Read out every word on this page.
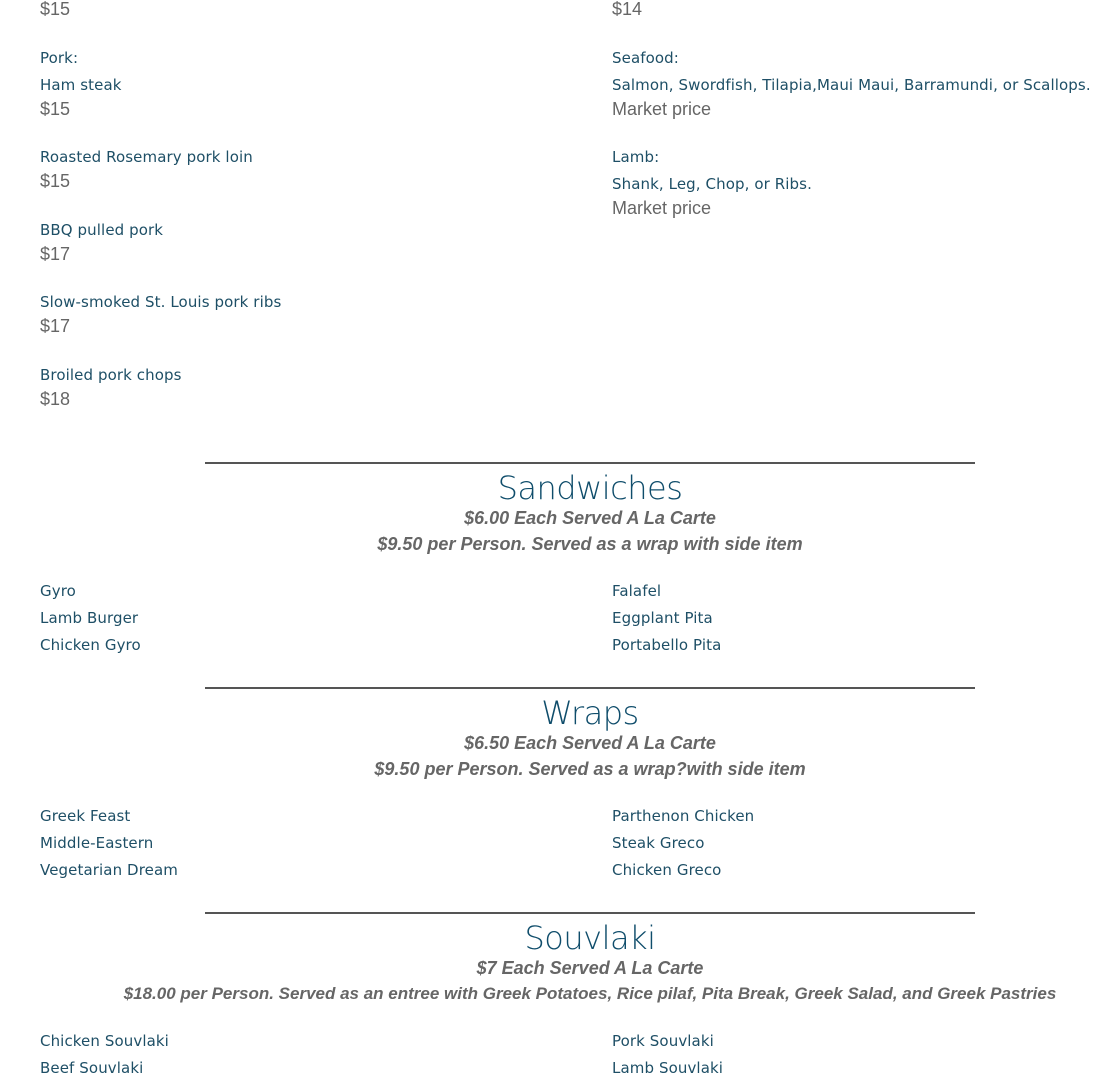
$15
Pork:
Ham steak
$15
Roasted Rosemary pork loin
$15
BBQ pulled pork
$17
Slow-smoked St. Louis pork ribs
$17
Broiled pork chops
$18
$14
Seafood:
Salmon, Swordfish, Tilapia,Maui Maui, Barramundi, or Scallops.
Market price
Lamb:
Shank, Leg, Chop, or Ribs.
Market price
Sandwiches
$6.00 Each Served A La Carte
$9.50 per Person. Served as a wrap with side item
Gyro
Lamb Burger
Chicken Gyro
Falafel
Eggplant Pita
Portabello Pita
Wraps
$6.50 Each Served A La Carte
$9.50 per Person. Served as a wrap?with side item
Greek Feast
Middle-Eastern
Vegetarian Dream
Parthenon Chicken
Steak Greco
Chicken Greco
Souvlaki
$7 Each Served A La Carte
$18.00 per Person. Served as an entree with Greek Potatoes, Rice pilaf, Pita Break, Greek Salad, and Greek Pastries
Chicken Souvlaki
Beef Souvlaki
Pork Souvlaki
Lamb Souvlaki
